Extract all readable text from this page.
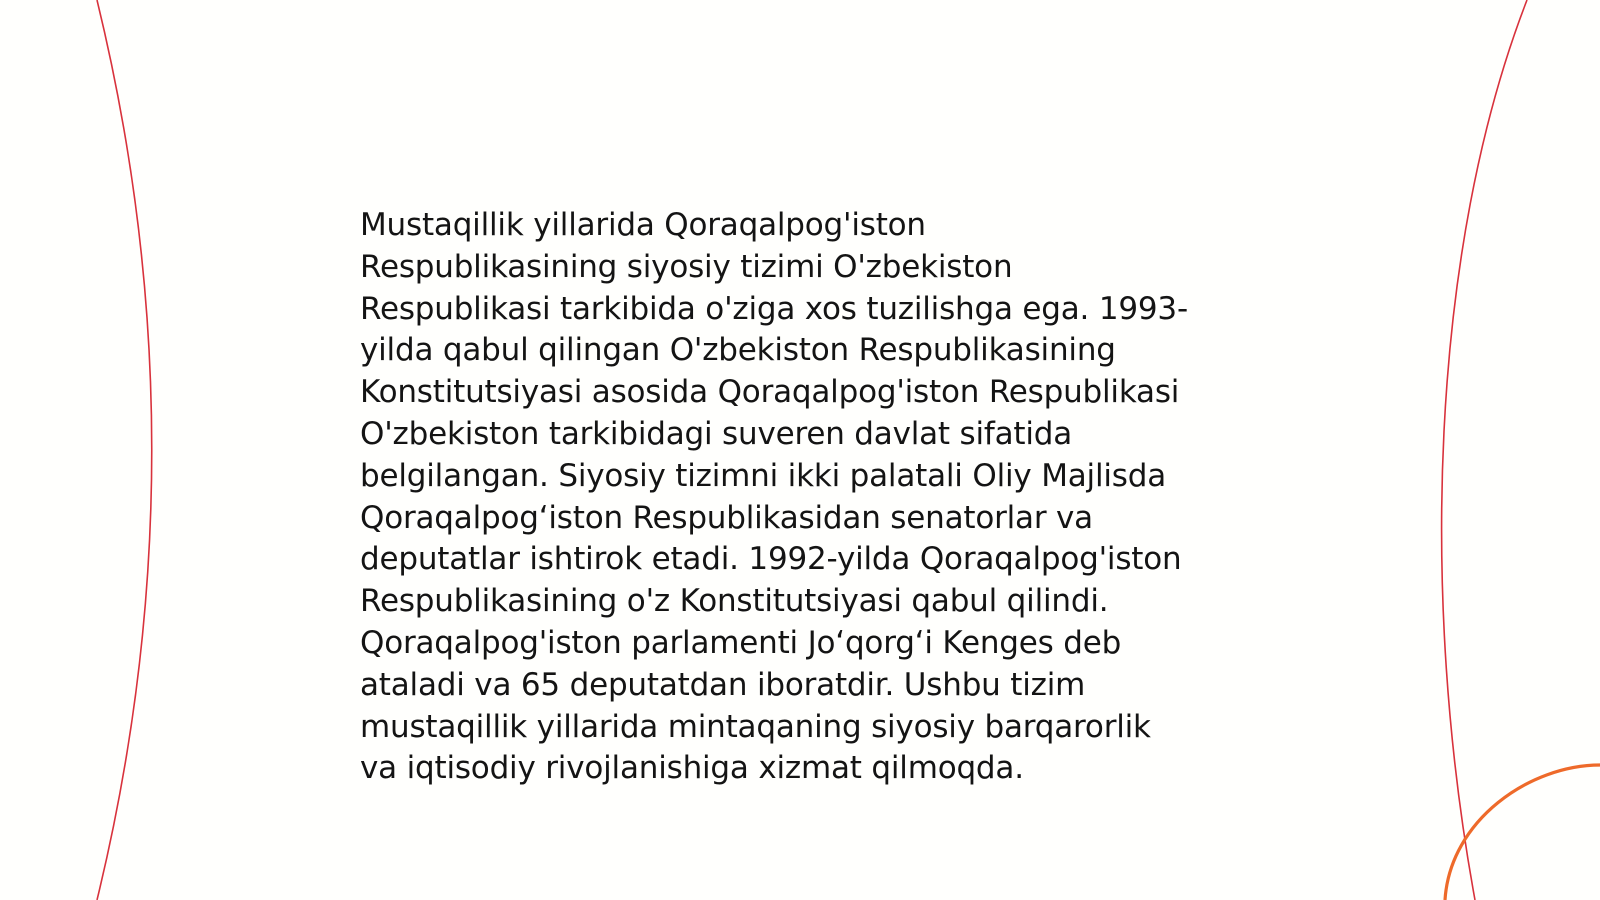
Mustaqillik yillarida Qoraqalpog'iston
Respublikasining siyosiy tizimi O'zbekiston
Respublikasi tarkibida o'ziga xos tuzilishga ega. 1993-
yilda qabul qilingan O'zbekiston Respublikasining
Konstitutsiyasi asosida Qoraqalpog'iston Respublikasi
O'zbekiston tarkibidagi suveren davlat sifatida
belgilangan. Siyosiy tizimni ikki palatali Oliy Majlisda
Qoraqalpogʻiston Respublikasidan senatorlar va
deputatlar ishtirok etadi. 1992-yilda Qoraqalpog'iston
Respublikasining o'z Konstitutsiyasi qabul qilindi.
Qoraqalpog'iston parlamenti Joʻqorgʻi Kenges deb
ataladi va 65 deputatdan iboratdir. Ushbu tizim
mustaqillik yillarida mintaqaning siyosiy barqarorlik
va iqtisodiy rivojlanishiga xizmat qilmoqda.
